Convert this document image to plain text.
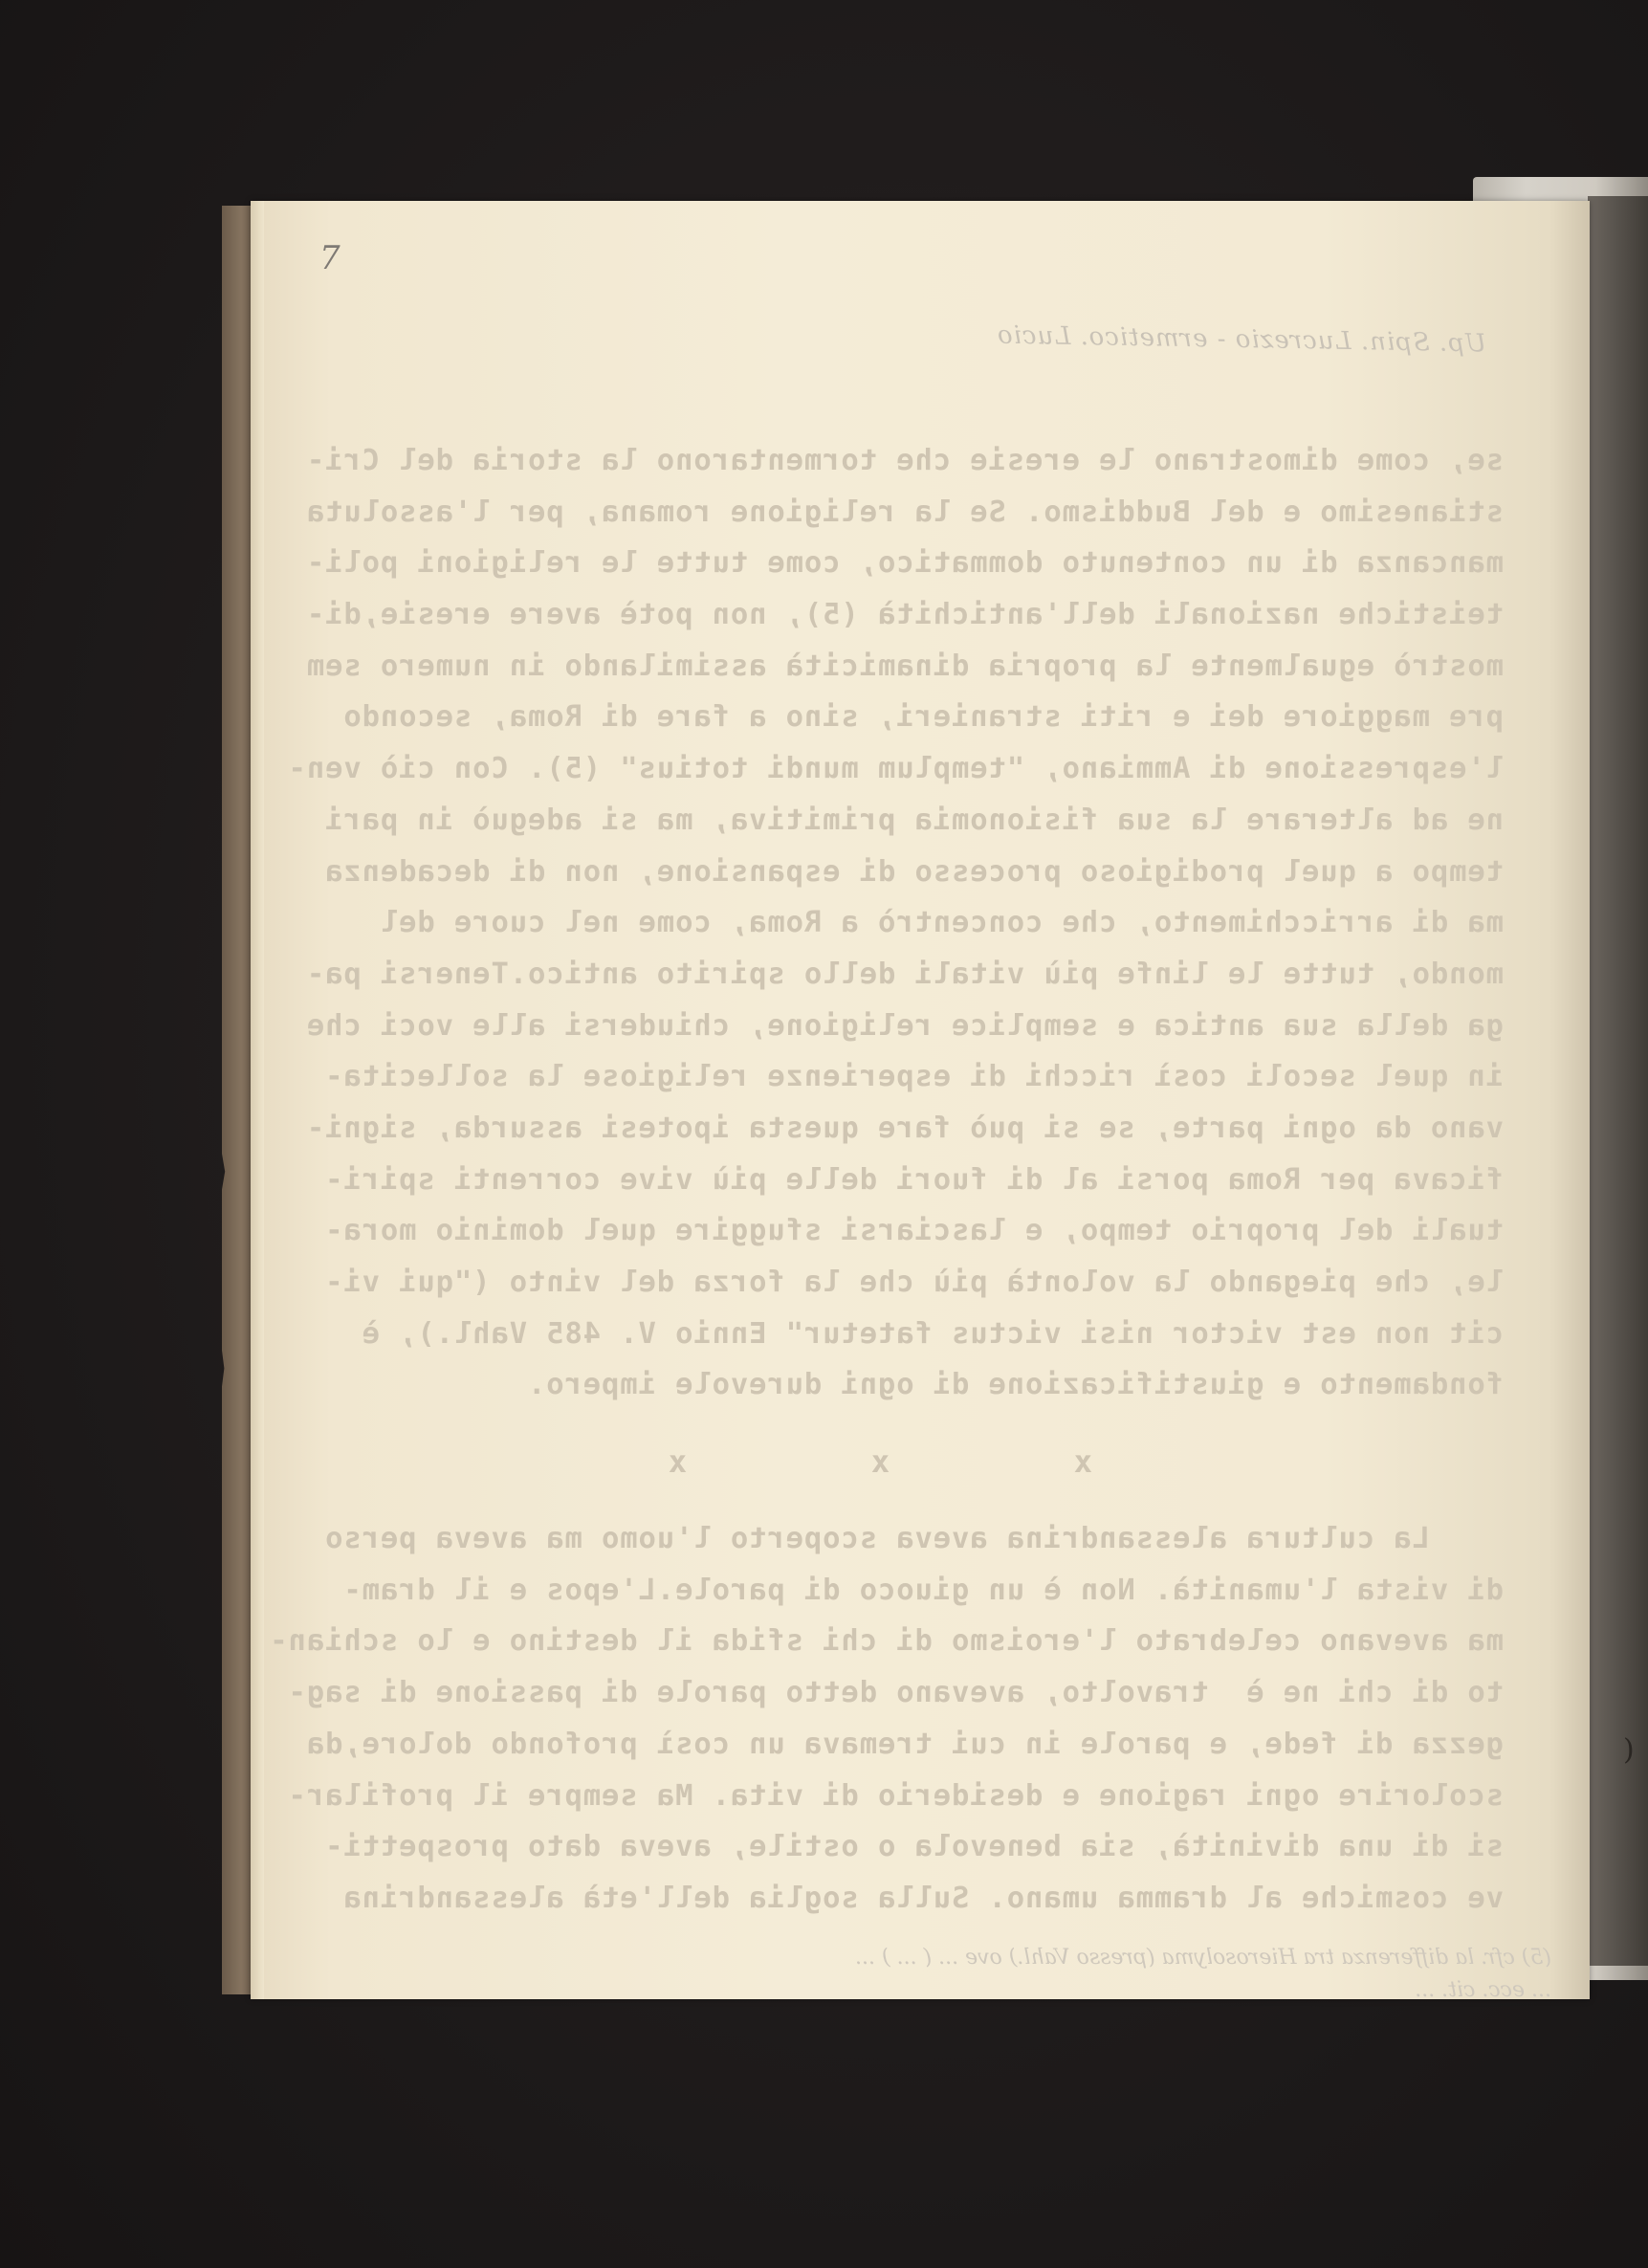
7
Up. Spin. Lucrezio - ermetico. Lucio
se, come dimostrano le eresie che tormentarono la storia del Cri-
stianesimo e del Buddismo. Se la religione romana, per l'assoluta
mancanza di un contenuto dommatico, come tutte le religioni poli-
teistiche nazionali dell'antichità (5), non potè avere eresie,di-
mostrò egualmente la propria dinamicità assimilando in numero sem
pre maggiore dei e riti stranieri, sino a fare di Roma, secondo
l'espressione di Ammiano, "templum mundi totius" (5). Con ciò ven-
ne ad alterare la sua fisionomia primitiva, ma si adeguò in pari
tempo a quel prodigioso processo di espansione, non di decadenza
ma di arricchimento, che concentrò a Roma, come nel cuore del
mondo, tutte le linfe più vitali dello spirito antico.Tenersi pa-
ga della sua antica e semplice religione, chiudersi alle voci che
in quel secoli così ricchi di esperienze religiose la sollecita-
vano da ogni parte, se si può fare questa ipotesi assurda, signi-
ficava per Roma porsi al di fuori delle più vive correnti spiri-
tuali del proprio tempo, e lasciarsi sfuggire quel dominio mora-
le, che piegando la volontà più che la forza del vinto ("qui vi-
cit non est victor nisi victus fatetur" Ennio V. 485 Vahl.), è
fondamento e giustificazione di ogni durevole impero.
x          x          x
La cultura alessandrina aveva scoperto l'uomo ma aveva perso
di vista l'umanità. Non è un giuoco di parole.L'epos e il dram-
ma avevano celebrato l'eroismo di chi sfida il destino e lo schian-
to di chi ne è  travolto, avevano detto parole di passione di sag-
gezza di fede, e parole in cui tremava un così profondo dolore,da
scolorire ogni ragione e desiderio di vita. Ma sempre il profilar-
si di una divinità, sia benevola o ostile, aveva dato prospetti-
ve cosmiche al dramma umano. Sulla soglia dell'età alessandrina
(5) cfr. la differenza tra Hierosolyma (presso Vahl.) ove ... ( ... ) ...
... ecc. cit. ...
)
